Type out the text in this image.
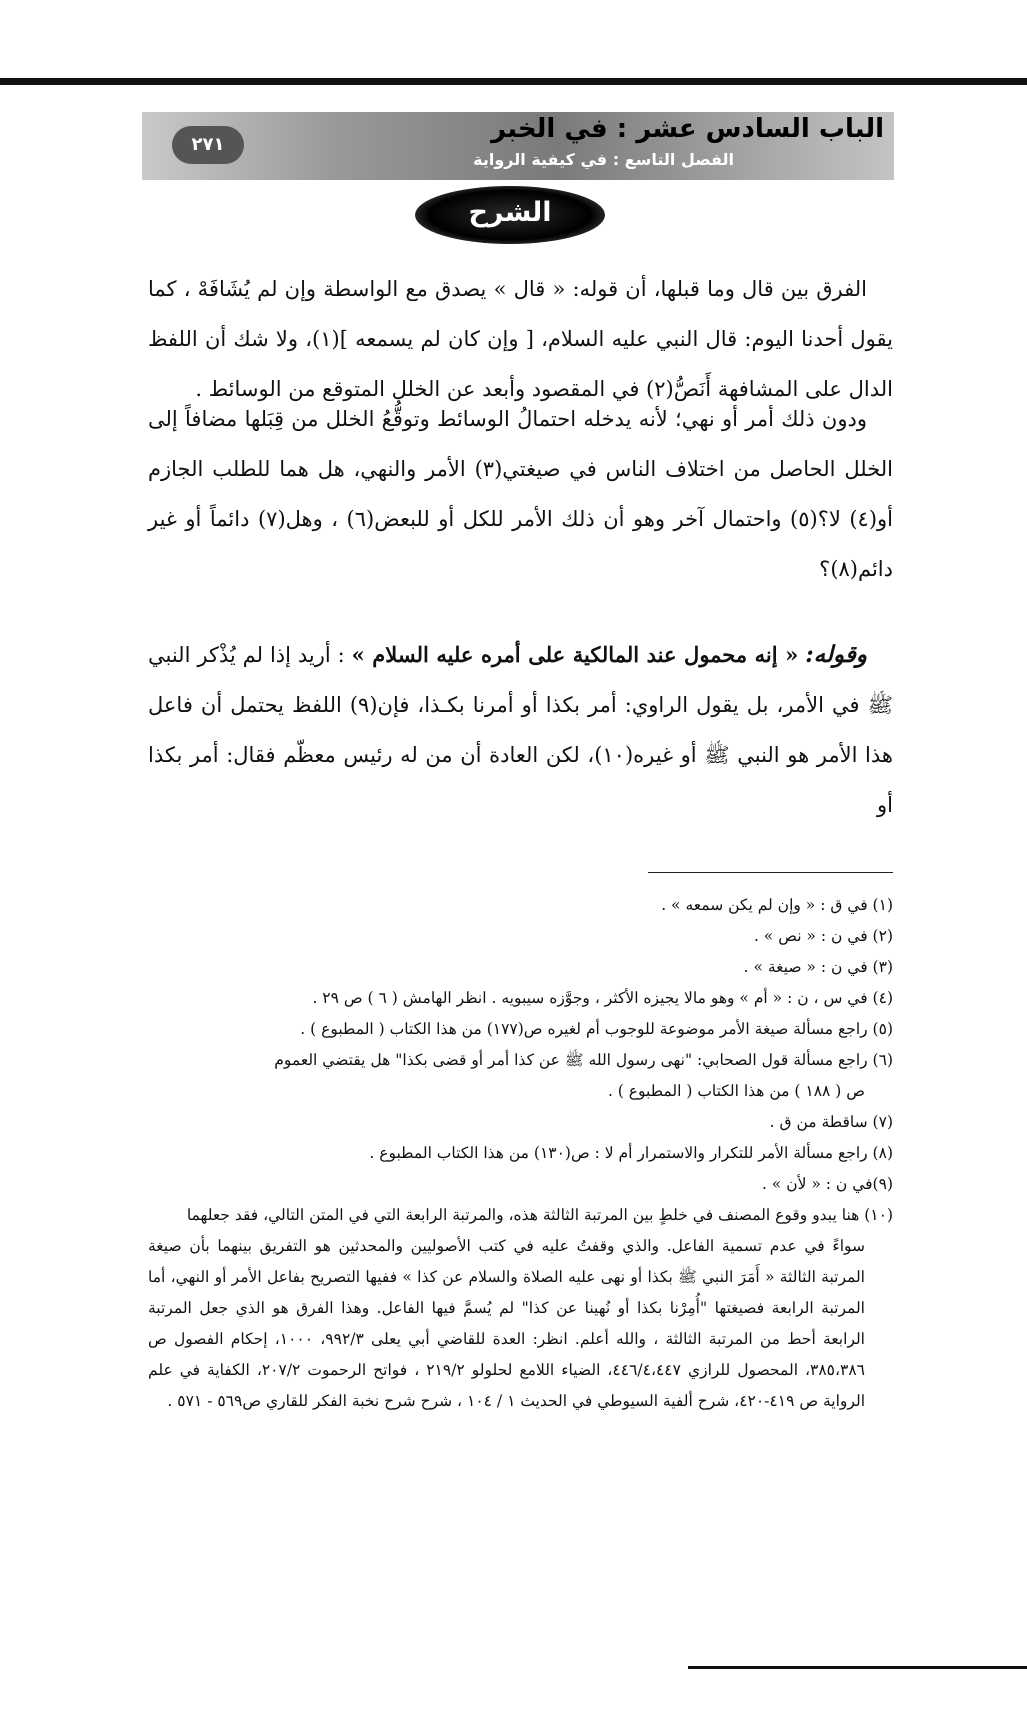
الباب السادس عشر : في الخبر
الفصل التاسع : في كيفية الرواية
٢٧١
الشرح

الفرق بين قال وما قبلها، أن قوله: « قال » يصدق مع الواسطة وإن لم يُشَافَهْ ، كما يقول أحدنا اليوم: قال النبي عليه السلام، [ وإن كان لم يسمعه ](١)، ولا شك أن اللفظ الدال على المشافهة أَنَصُّ(٢) في المقصود وأبعد عن الخلل المتوقع من الوسائط .

ودون ذلك أمر أو نهي؛ لأنه يدخله احتمالُ الوسائط وتوقُّعُ الخلل من قِبَلها مضافاً إلى الخلل الحاصل من اختلاف الناس في صيغتي(٣) الأمر والنهي، هل هما للطلب الجازم أو(٤) لا؟(٥) واحتمال آخر وهو أن ذلك الأمر للكل أو للبعض(٦) ، وهل(٧) دائماً أو غير دائم(٨)؟

وقوله: « إنه محمول عند المالكية على أمره عليه السلام » : أريد إذا لم يُذْكر النبي ﷺ في الأمر، بل يقول الراوي: أمر بكذا أو أمرنا بكـذا، فإن(٩) اللفظ يحتمل أن فاعل هذا الأمر هو النبي ﷺ أو غيره(١٠)، لكن العادة أن من له رئيس معظّم فقال: أمر بكذا أو

(١) في ق : « وإن لم يكن سمعه » .

(٢) في ن : « نص » .

(٣) في ن : « صيغة » .

(٤) في س ، ن : « أم » وهو مالا يجيزه الأكثر ، وجوَّزه سيبويه . انظر الهامش ( ٦ ) ص ٢٩ .

(٥) راجع مسألة صيغة الأمر موضوعة للوجوب أم لغيره ص(١٧٧) من هذا الكتاب ( المطبوع ) .

(٦) راجع مسألة قول الصحابي: "نهى رسول الله ﷺ عن كذا أمر أو قضى بكذا" هل يقتضي العموم

ص ( ١٨٨ ) من هذا الكتاب ( المطبوع ) .

(٧) ساقطة من ق .

(٨) راجع مسألة الأمر للتكرار والاستمرار أم لا : ص(١٣٠) من هذا الكتاب المطبوع .

(٩)في ن : « لأن » .

(١٠) هنا يبدو وقوع المصنف في خلطٍ بين المرتبة الثالثة هذه، والمرتبة الرابعة التي في المتن التالي، فقد جعلهما

سواءً في عدم تسمية الفاعل. والذي وقفتُ عليه في كتب الأصوليين والمحدثين هو التفريق بينهما بأن صيغة المرتبة الثالثة « أَمَرَ النبي ﷺ بكذا أو نهى عليه الصلاة والسلام عن كذا » ففيها التصريح بفاعل الأمر أو النهي، أما المرتبة الرابعة فصيغتها "أُمِرْنا بكذا أو نُهينا عن كذا" لم يُسمَّ فيها الفاعل. وهذا الفرق هو الذي جعل المرتبة الرابعة أحط من المرتبة الثالثة ، والله أعلم. انظر: العدة للقاضي أبي يعلى ٩٩٢/٣، ١٠٠٠، إحكام الفصول ص ٣٨٥،٣٨٦، المحصول للرازي ٤٤٦/٤،٤٤٧، الضياء اللامع لحلولو ٢١٩/٢ ، فواتح الرحموت ٢٠٧/٢، الكفاية في علم الرواية ص ٤١٩-٤٢٠، شرح ألفية السيوطي في الحديث ١ / ١٠٤ ، شرح شرح نخبة الفكر للقاري ص٥٦٩ - ٥٧١ .
